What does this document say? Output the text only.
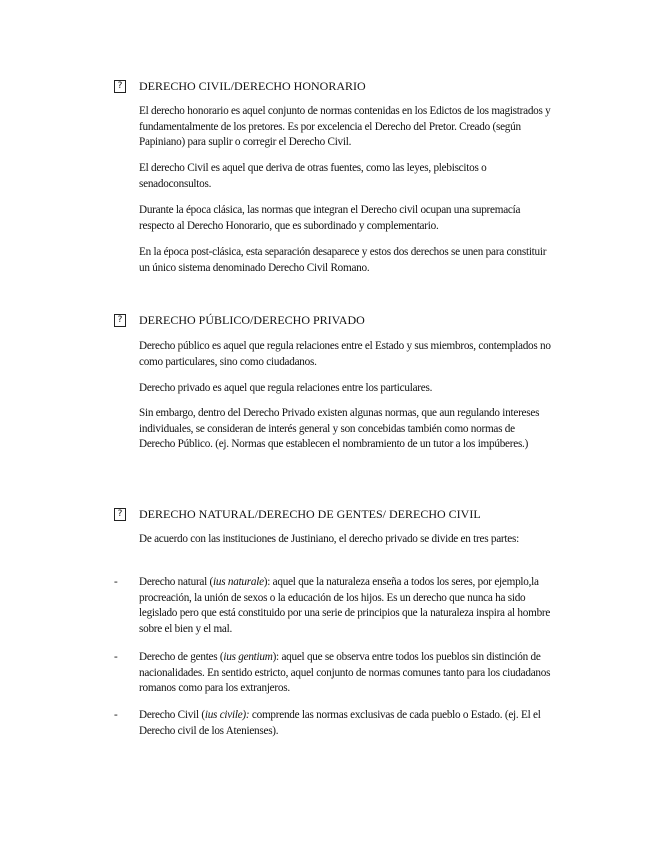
?	DERECHO CIVIL/DERECHO HONORARIO

El derecho honorario es aquel conjunto de normas contenidas en los Edictos de los magistrados y fundamentalmente de los pretores. Es por excelencia el Derecho del Pretor. Creado (según Papiniano) para suplir o corregir el Derecho Civil.

El derecho Civil es aquel que deriva de otras fuentes, como las leyes, plebiscitos o senadoconsultos.

Durante la época clásica, las normas que integran el Derecho civil ocupan una supremacía respecto al Derecho Honorario, que es subordinado y complementario.

En la época post-clásica, esta separación desaparece y estos dos derechos se unen para constituir un único sistema denominado Derecho Civil Romano.

?	DERECHO PÚBLICO/DERECHO PRIVADO

Derecho público es aquel que regula relaciones entre el Estado y sus miembros, contemplados no como particulares, sino como ciudadanos.

Derecho privado es aquel que regula relaciones entre los particulares.

Sin embargo, dentro del Derecho Privado existen algunas normas, que aun regulando intereses individuales, se consideran de interés general y son concebidas también como normas de Derecho Público. (ej. Normas que establecen el nombramiento de un tutor a los impúberes.)

?	DERECHO NATURAL/DERECHO DE GENTES/ DERECHO CIVIL

De acuerdo con las instituciones de Justiniano, el derecho privado se divide en tres partes:

-	Derecho natural (ius naturale): aquel que la naturaleza enseña a todos los seres, por ejemplo,la procreación, la unión de sexos o la educación de los hijos. Es un derecho que nunca ha sido legislado pero que está constituido por una serie de principios que la naturaleza inspira al hombre sobre el bien y el mal.
-	Derecho de gentes (ius gentium): aquel que se observa entre todos los pueblos sin distinción de nacionalidades. En sentido estricto, aquel conjunto de normas comunes tanto para los ciudadanos romanos como para los extranjeros.
-	Derecho Civil (ius civile): comprende las normas exclusivas de cada pueblo o Estado. (ej. El el Derecho civil de los Atenienses).
